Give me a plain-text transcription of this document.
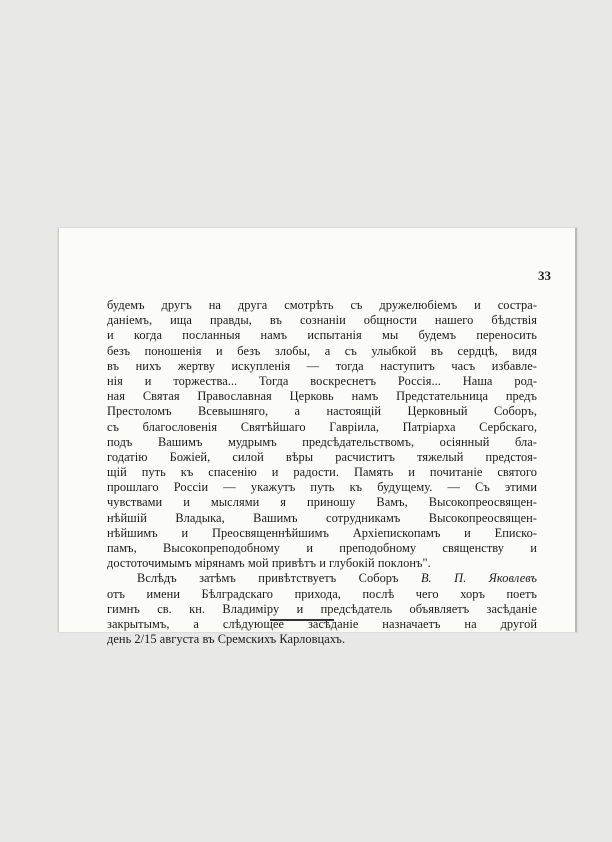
33
будемъ другъ на друга смотрѣть съ дружелюбіемъ и состра-
даніемъ, ища правды, въ сознаніи общности нашего бѣдствія
и когда посланныя намъ испытанія мы будемъ переносить
безъ поношенія и безъ злобы, а съ улыбкой въ сердцѣ, видя
въ нихъ жертву искупленія — тогда наступитъ часъ избавле-
нія и торжества... Тогда воскреснетъ Россія... Наша род-
ная Святая Православная Церковь намъ Предстательница предъ
Престоломъ Всевышняго, а настоящій Церковный Соборъ,
съ благословенія Святѣйшаго Гавріила, Патріарха Сербскаго,
подъ Вашимъ мудрымъ предсѣдательствомъ, осіянный бла-
годатію Божіей, силой вѣры расчиститъ тяжелый предстоя-
щій путь къ спасенію и радости. Память и почитаніе святого
прошлаго Россіи — укажутъ путь къ будущему. — Съ этими
чувствами и мыслями я приношу Вамъ, Высокопреосвящен-
нѣйшій Владыка, Вашимъ сотрудникамъ Высокопреосвящен-
нѣйшимъ и Преосвященнѣйшимъ Архіепископамъ и Еписко-
памъ, Высокопреподобному и преподобному священству и
достоточимымъ мірянамъ мой привѣтъ и глубокій поклонъ".
Вслѣдъ затѣмъ привѣтствуетъ Соборъ В. П. Яковлевъ
отъ имени Бѣлградскаго прихода, послѣ чего хоръ поетъ
гимнъ св. кн. Владиміру и предсѣдатель объявляетъ засѣданіе
закрытымъ, а слѣдующее засѣданіе назначаетъ на другой
день 2/15 августа въ Сремскихъ Карловцахъ.
